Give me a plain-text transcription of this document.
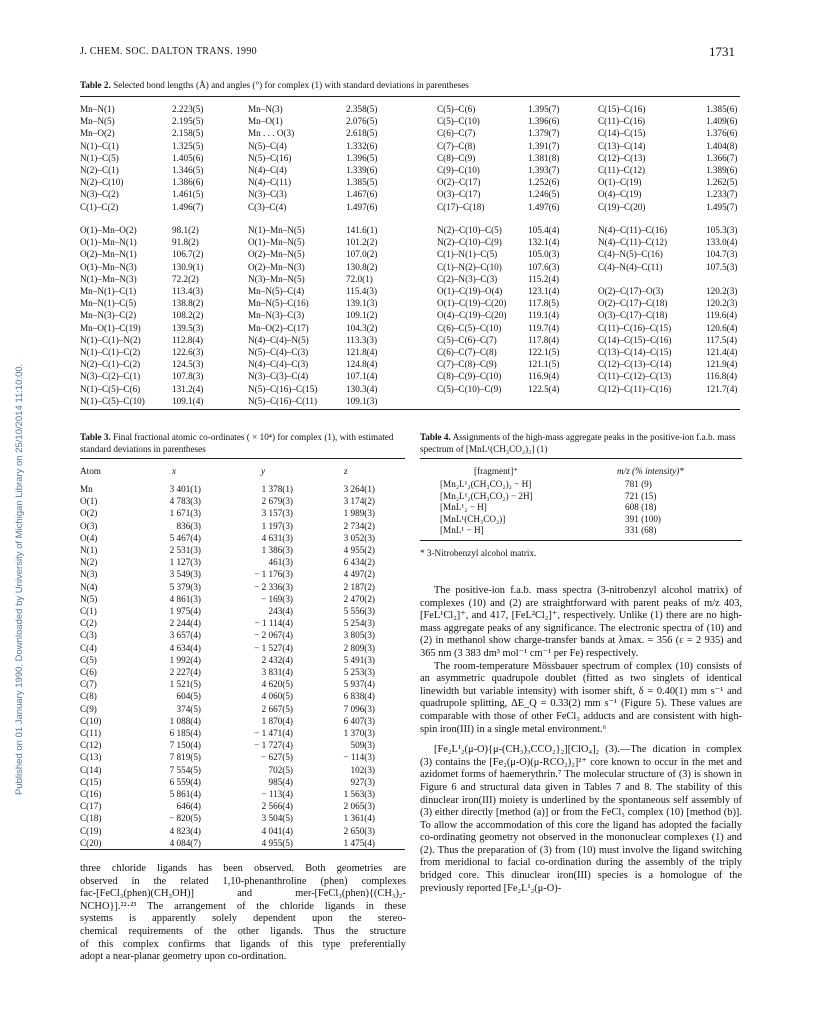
J. CHEM. SOC. DALTON TRANS. 1990	1731
Published on 01 January 1990. Downloaded by University of Michigan Library on 25/10/2014 11:10:00.
Table 2. Selected bond lengths (Å) and angles (°) for complex (1) with standard deviations in parentheses
Mn–N(1)	2.223(5)	Mn–N(3)	2.358(5)	C(5)–C(6)	1.395(7)	C(15)–C(16)	1.385(6)
Mn–N(5)	2.195(5)	Mn–O(1)	2.076(5)	C(5)–C(10)	1.396(6)	C(11)–C(16)	1.409(6)
Mn–O(2)	2.158(5)	Mn . . . O(3)	2.618(5)	C(6)–C(7)	1.379(7)	C(14)–C(15)	1.376(6)
N(1)–C(1)	1.325(5)	N(5)–C(4)	1.332(6)	C(7)–C(8)	1.391(7)	C(13)–C(14)	1.404(8)
N(1)–C(5)	1.405(6)	N(5)–C(16)	1.396(5)	C(8)–C(9)	1.381(8)	C(12)–C(13)	1.366(7)
N(2)–C(1)	1.346(5)	N(4)–C(4)	1.339(6)	C(9)–C(10)	1.393(7)	C(11)–C(12)	1.389(6)
N(2)–C(10)	1.386(6)	N(4)–C(11)	1.385(5)	O(2)–C(17)	1.252(6)	O(1)–C(19)	1.262(5)
N(3)–C(2)	1.461(5)	N(3)–C(3)	1.467(6)	O(3)–C(17)	1.246(5)	O(4)–C(19)	1.233(7)
C(1)–C(2)	1.496(7)	C(3)–C(4)	1.497(6)	C(17)–C(18)	1.497(6)	C(19)–C(20)	1.495(7)
O(1)–Mn–O(2)	98.1(2)	N(1)–Mn–N(5)	141.6(1)	N(2)–C(10)–C(5)	105.4(4)	N(4)–C(11)–C(16)	105.3(3)
O(1)–Mn–N(1)	91.8(2)	O(1)–Mn–N(5)	101.2(2)	N(2)–C(10)–C(9)	132.1(4)	N(4)–C(11)–C(12)	133.0(4)
O(2)–Mn–N(1)	106.7(2)	O(2)–Mn–N(5)	107.0(2)	C(1)–N(1)–C(5)	105.0(3)	C(4)–N(5)–C(16)	104.7(3)
O(1)–Mn–N(3)	130.9(1)	O(2)–Mn–N(3)	130.8(2)	C(1)–N(2)–C(10)	107.6(3)	C(4)–N(4)–C(11)	107.5(3)
N(1)–Mn–N(3)	72.2(2)	N(3)–Mn–N(5)	72.0(1)	C(2)–N(3)–C(3)	115.2(4)
Mn–N(1)–C(1)	113.4(3)	Mn–N(5)–C(4)	115.4(3)	O(1)–C(19)–O(4)	123.1(4)	O(2)–C(17)–O(3)	120.2(3)
Mn–N(1)–C(5)	138.8(2)	Mn–N(5)–C(16)	139.1(3)	O(1)–C(19)–C(20) 117.8(5)	O(2)–C(17)–C(18)	120.2(3)
Mn–N(3)–C(2)	108.2(2)	Mn–N(3)–C(3)	109.1(2)	O(4)–C(19)–C(20) 119.1(4)	O(3)–C(17)–C(18)	119.6(4)
Mn–O(1)–C(19)	139.5(3)	Mn–O(2)–C(17)	104.3(2)	C(6)–C(5)–C(10)	119.7(4)	C(11)–C(16)–C(15)	120.6(4)
N(1)–C(1)–N(2)	112.8(4)	N(4)–C(4)–N(5)	113.3(3)	C(5)–C(6)–C(7)	117.8(4)	C(14)–C(15)–C(16)	117.5(4)
N(1)–C(1)–C(2)	122.6(3)	N(5)–C(4)–C(3)	121.8(4)	C(6)–C(7)–C(8)	122.1(5)	C(13)–C(14)–C(15)	121.4(4)
N(2)–C(1)–C(2)	124.5(3)	N(4)–C(4)–C(3)	124.8(4)	C(7)–C(8)–C(9)	121.1(5)	C(12)–C(13)–C(14)	121.9(4)
N(3)–C(2)–C(1)	107.8(3)	N(3)–C(3)–C(4)	107.1(4)	C(8)–C(9)–C(10)	116.9(4)	C(11)–C(12)–C(13)	116.8(4)
N(1)–C(5)–C(6)	131.2(4)	N(5)–C(16)–C(15)	130.3(4)	C(5)–C(10)–C(9)	122.5(4)	C(12)–C(11)–C(16)	121.7(4)
N(1)–C(5)–C(10)	109.1(4)	N(5)–C(16)–C(11)	109.1(3)
Table 3. Final fractional atomic co-ordinates ( × 10⁴) for complex (1), with estimated standard deviations in parentheses
Atom	x	y	z
Mn	3 401(1)	1 378(1)	3 264(1)
O(1)	4 783(3)	2 679(3)	3 174(2)
O(2)	1 671(3)	3 157(3)	1 989(3)
O(3)	836(3)	1 197(3)	2 734(2)
O(4)	5 467(4)	4 631(3)	3 052(3)
N(1)	2 531(3)	1 386(3)	4 955(2)
N(2)	1 127(3)	461(3)	6 434(2)
N(3)	3 549(3)	− 1 176(3)	4 497(2)
N(4)	5 379(3)	− 2 336(3)	2 187(2)
N(5)	4 861(3)	− 169(3)	2 470(2)
C(1)	1 975(4)	243(4)	5 556(3)
C(2)	2 244(4)	− 1 114(4)	5 254(3)
C(3)	3 657(4)	− 2 067(4)	3 805(3)
C(4)	4 634(4)	− 1 527(4)	2 809(3)
C(5)	1 992(4)	2 432(4)	5 491(3)
C(6)	2 227(4)	3 831(4)	5 253(3)
C(7)	1 521(5)	4 620(5)	5 937(4)
C(8)	604(5)	4 060(5)	6 838(4)
C(9)	374(5)	2 667(5)	7 096(3)
C(10)	1 088(4)	1 870(4)	6 407(3)
C(11)	6 185(4)	− 1 471(4)	1 370(3)
C(12)	7 150(4)	− 1 727(4)	509(3)
C(13)	7 819(5)	− 627(5)	− 114(3)
C(14)	7 554(5)	702(5)	102(3)
C(15)	6 559(4)	985(4)	927(3)
C(16)	5 861(4)	− 113(4)	1 563(3)
C(17)	646(4)	2 566(4)	2 065(3)
C(18)	− 820(5)	3 504(5)	1 361(4)
C(19)	4 823(4)	4 041(4)	2 650(3)
C(20)	4 084(7)	4 955(5)	1 475(4)
Table 4. Assignments of the high-mass aggregate peaks in the positive-ion f.a.b. mass spectrum of [MnL¹(CH₃CO₂)₂] (1)
[fragment]⁺	m/z (% intensity)*
[Mn₂L¹₂(CH₃CO₂)₂ − H]	781 (9)
[Mn₂L¹₂(CH₃CO₂) − 2H]	721 (15)
[MnL¹₂ − H]	608 (18)
[MnL¹(CH₃CO₂)]	391 (100)
[MnL¹ − H]	331 (68)
* 3-Nitrobenzyl alcohol matrix.
three chloride ligands has been observed. Both geometries are
observed in the related 1,10-phenanthroline (phen) complexes
fac-[FeCl₃(phen)(CH₃OH)] and mer-[FeCl₃(phen){(CH₃)₂-
NCHO}].²²·²³ The arrangement of the chloride ligands in these
systems is apparently solely dependent upon the stereo-
chemical requirements of the other ligands. Thus the structure
of this complex confirms that ligands of this type preferentially
adopt a near-planar geometry upon co-ordination.

The positive-ion f.a.b. mass spectra (3-nitrobenzyl alcohol matrix) of complexes (10) and (2) are straightforward with parent peaks of m/z 403, [FeL¹Cl₂]⁺, and 417, [FeL²Cl₂]⁺, respectively. Unlike (1) there are no high-mass aggregate peaks of any significance. The electronic spectra of (10) and (2) in methanol show charge-transfer bands at λmax. = 356 (ε = 2 935) and 365 nm (3 383 dm³ mol⁻¹ cm⁻¹ per Fe) respectively.

The room-temperature Mössbauer spectrum of complex (10) consists of an asymmetric quadrupole doublet (fitted as two singlets of identical linewidth but variable intensity) with isomer shift, δ = 0.40(1) mm s⁻¹ and quadrupole splitting, ΔE_Q = 0.33(2) mm s⁻¹ (Figure 5). These values are comparable with those of other FeCl₃ adducts and are consistent with high-spin iron(III) in a single metal environment.⁶

[Fe₂L¹₂(μ-O){μ-(CH₃)₃CCO₂}₂][ClO₄]₂ (3).—The dication in complex (3) contains the [Fe₂(μ-O)(μ-RCO₂)₂]²⁺ core known to occur in the met and azidomet forms of haemerythrin.⁷ The molecular structure of (3) is shown in Figure 6 and structural data given in Tables 7 and 8. The stability of this dinuclear iron(III) moiety is underlined by the spontaneous self assembly of (3) either directly [method (a)] or from the FeCl₃ complex (10) [method (b)]. To allow the accommodation of this core the ligand has adopted the facially co-ordinating geometry not observed in the mononuclear complexes (1) and (2). Thus the preparation of (3) from (10) must involve the ligand switching from meridional to facial co-ordination during the assembly of the triply bridged core. This dinuclear iron(III) species is a homologue of the previously reported [Fe₂L¹₂(μ-O)-
